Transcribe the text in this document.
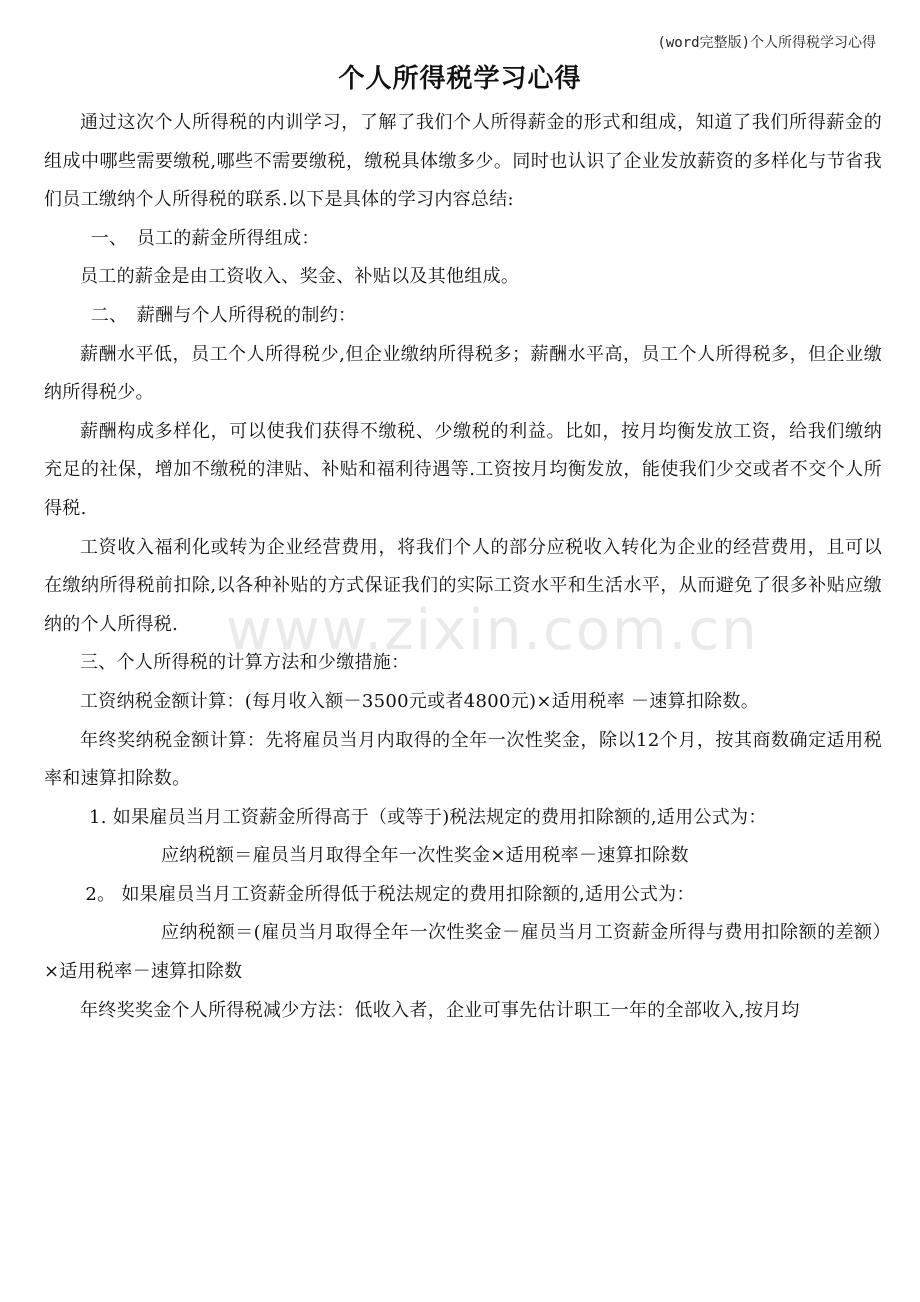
(word完整版)个人所得税学习心得
个人所得税学习心得
www.zixin.com.cn

通过这次个人所得税的内训学习，了解了我们个人所得薪金的形式和组成，知道了我们所得薪金的组成中哪些需要缴税,哪些不需要缴税，缴税具体缴多少。同时也认识了企业发放薪资的多样化与节省我们员工缴纳个人所得税的联系.以下是具体的学习内容总结:

一、　员工的薪金所得组成：

员工的薪金是由工资收入、奖金、补贴以及其他组成。

二、　薪酬与个人所得税的制约：

薪酬水平低，员工个人所得税少,但企业缴纳所得税多；薪酬水平高，员工个人所得税多，但企业缴纳所得税少。

薪酬构成多样化，可以使我们获得不缴税、少缴税的利益。比如，按月均衡发放工资，给我们缴纳充足的社保，增加不缴税的津贴、补贴和福利待遇等.工资按月均衡发放，能使我们少交或者不交个人所得税.

工资收入福利化或转为企业经营费用，将我们个人的部分应税收入转化为企业的经营费用，且可以在缴纳所得税前扣除,以各种补贴的方式保证我们的实际工资水平和生活水平，从而避免了很多补贴应缴纳的个人所得税.

三、个人所得税的计算方法和少缴措施：

工资纳税金额计算：(每月收入额－3500元或者4800元)×适用税率 －速算扣除数。

年终奖纳税金额计算：先将雇员当月内取得的全年一次性奖金，除以12个月，按其商数确定适用税率和速算扣除数。

1. 如果雇员当月工资薪金所得高于（或等于)税法规定的费用扣除额的,适用公式为：

应纳税额＝雇员当月取得全年一次性奖金×适用税率－速算扣除数

2。 如果雇员当月工资薪金所得低于税法规定的费用扣除额的,适用公式为：

应纳税额＝(雇员当月取得全年一次性奖金－雇员当月工资薪金所得与费用扣除额的差额）×适用税率－速算扣除数

年终奖奖金个人所得税减少方法：低收入者，企业可事先估计职工一年的全部收入,按月均
